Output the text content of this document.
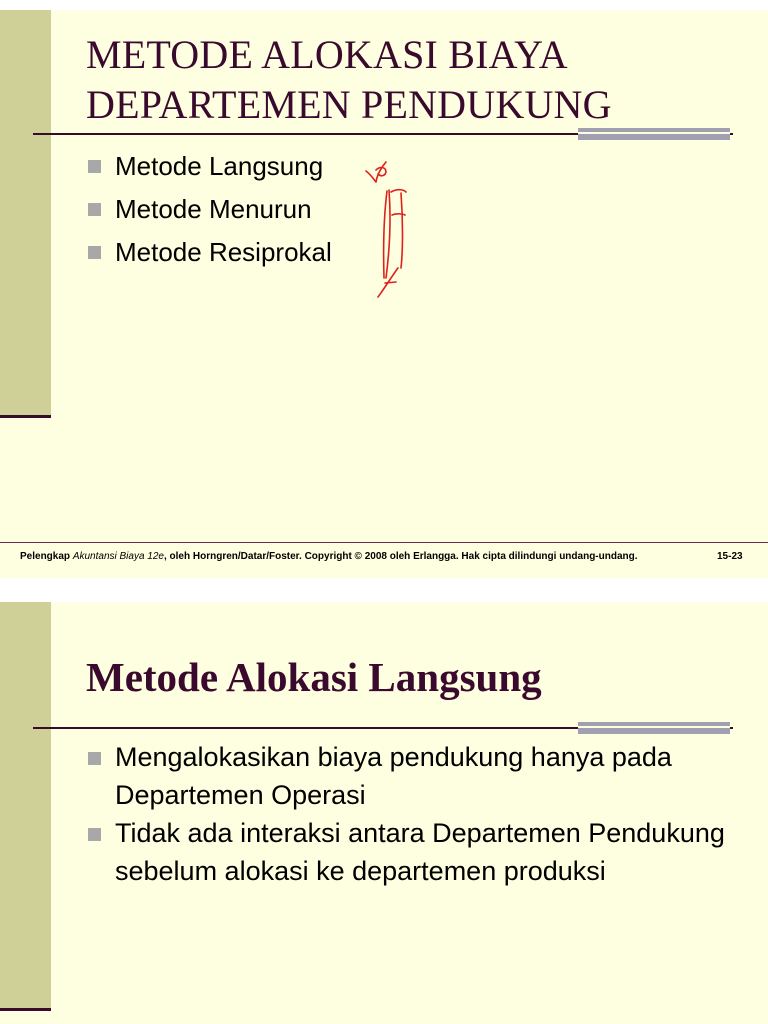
METODE ALOKASI BIAYA
DEPARTEMEN PENDUKUNG
Metode Langsung
Metode Menurun
Metode Resiprokal
Pelengkap Akuntansi Biaya 12e, oleh Horngren/Datar/Foster. Copyright © 2008 oleh Erlangga. Hak cipta dilindungi undang-undang.	15-23
Metode Alokasi Langsung
Mengalokasikan biaya pendukung hanya pada Departemen Operasi
Tidak ada interaksi antara Departemen Pendukung sebelum alokasi ke departemen produksi
